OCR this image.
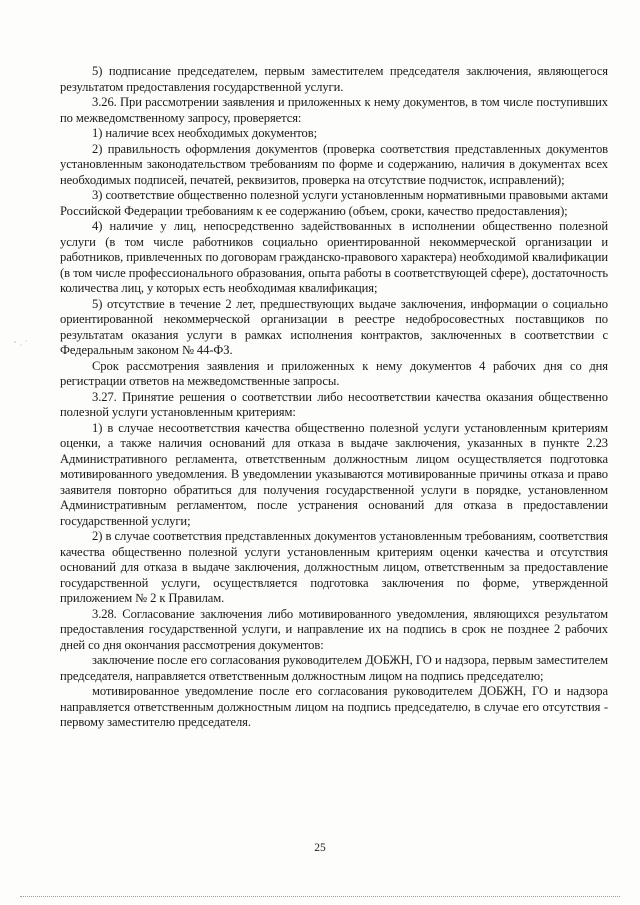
5) подписание председателем, первым заместителем председателя заключения, являющегося результатом предоставления государственной услуги.

3.26. При рассмотрении заявления и приложенных к нему документов, в том числе поступивших по межведомственному запросу, проверяется:

1) наличие всех необходимых документов;

2) правильность оформления документов (проверка соответствия представленных документов установленным законодательством требованиям по форме и содержанию, наличия в документах всех необходимых подписей, печатей, реквизитов, проверка на отсутствие подчисток, исправлений);

3) соответствие общественно полезной услуги установленным нормативными правовыми актами Российской Федерации требованиям к ее содержанию (объем, сроки, качество предоставления);

4) наличие у лиц, непосредственно задействованных в исполнении общественно полезной услуги (в том числе работников социально ориентированной некоммерческой организации и работников, привлеченных по договорам гражданско-правового характера) необходимой квалификации (в том числе профессионального образования, опыта работы в соответствующей сфере), достаточность количества лиц, у которых есть необходимая квалификация;

5) отсутствие в течение 2 лет, предшествующих выдаче заключения, информации о социально ориентированной некоммерческой организации в реестре недобросовестных поставщиков по результатам оказания услуги в рамках исполнения контрактов, заключенных в соответствии с Федеральным законом № 44-ФЗ.

Срок рассмотрения заявления и приложенных к нему документов 4 рабочих дня со дня регистрации ответов на межведомственные запросы.

3.27. Принятие решения о соответствии либо несоответствии качества оказания общественно полезной услуги установленным критериям:

1) в случае несоответствия качества общественно полезной услуги установленным критериям оценки, а также наличия оснований для отказа в выдаче заключения, указанных в пункте 2.23 Административного регламента, ответственным должностным лицом осуществляется подготовка мотивированного уведомления. В уведомлении указываются мотивированные причины отказа и право заявителя повторно обратиться для получения государственной услуги в порядке, установленном Административным регламентом, после устранения оснований для отказа в предоставлении государственной услуги;

2) в случае соответствия представленных документов установленным требованиям, соответствия качества общественно полезной услуги установленным критериям оценки качества и отсутствия оснований для отказа в выдаче заключения, должностным лицом, ответственным за предоставление государственной услуги, осуществляется подготовка заключения по форме, утвержденной приложением № 2 к Правилам.

3.28. Согласование заключения либо мотивированного уведомления, являющихся результатом предоставления государственной услуги, и направление их на подпись в срок не позднее 2 рабочих дней со дня окончания рассмотрения документов:

заключение после его согласования руководителем ДОБЖН, ГО и надзора, первым заместителем председателя, направляется ответственным должностным лицом на подпись председателю;

мотивированное уведомление после его согласования руководителем ДОБЖН, ГО и надзора направляется ответственным должностным лицом на подпись председателю, в случае его отсутствия - первому заместителю председателя.

25
